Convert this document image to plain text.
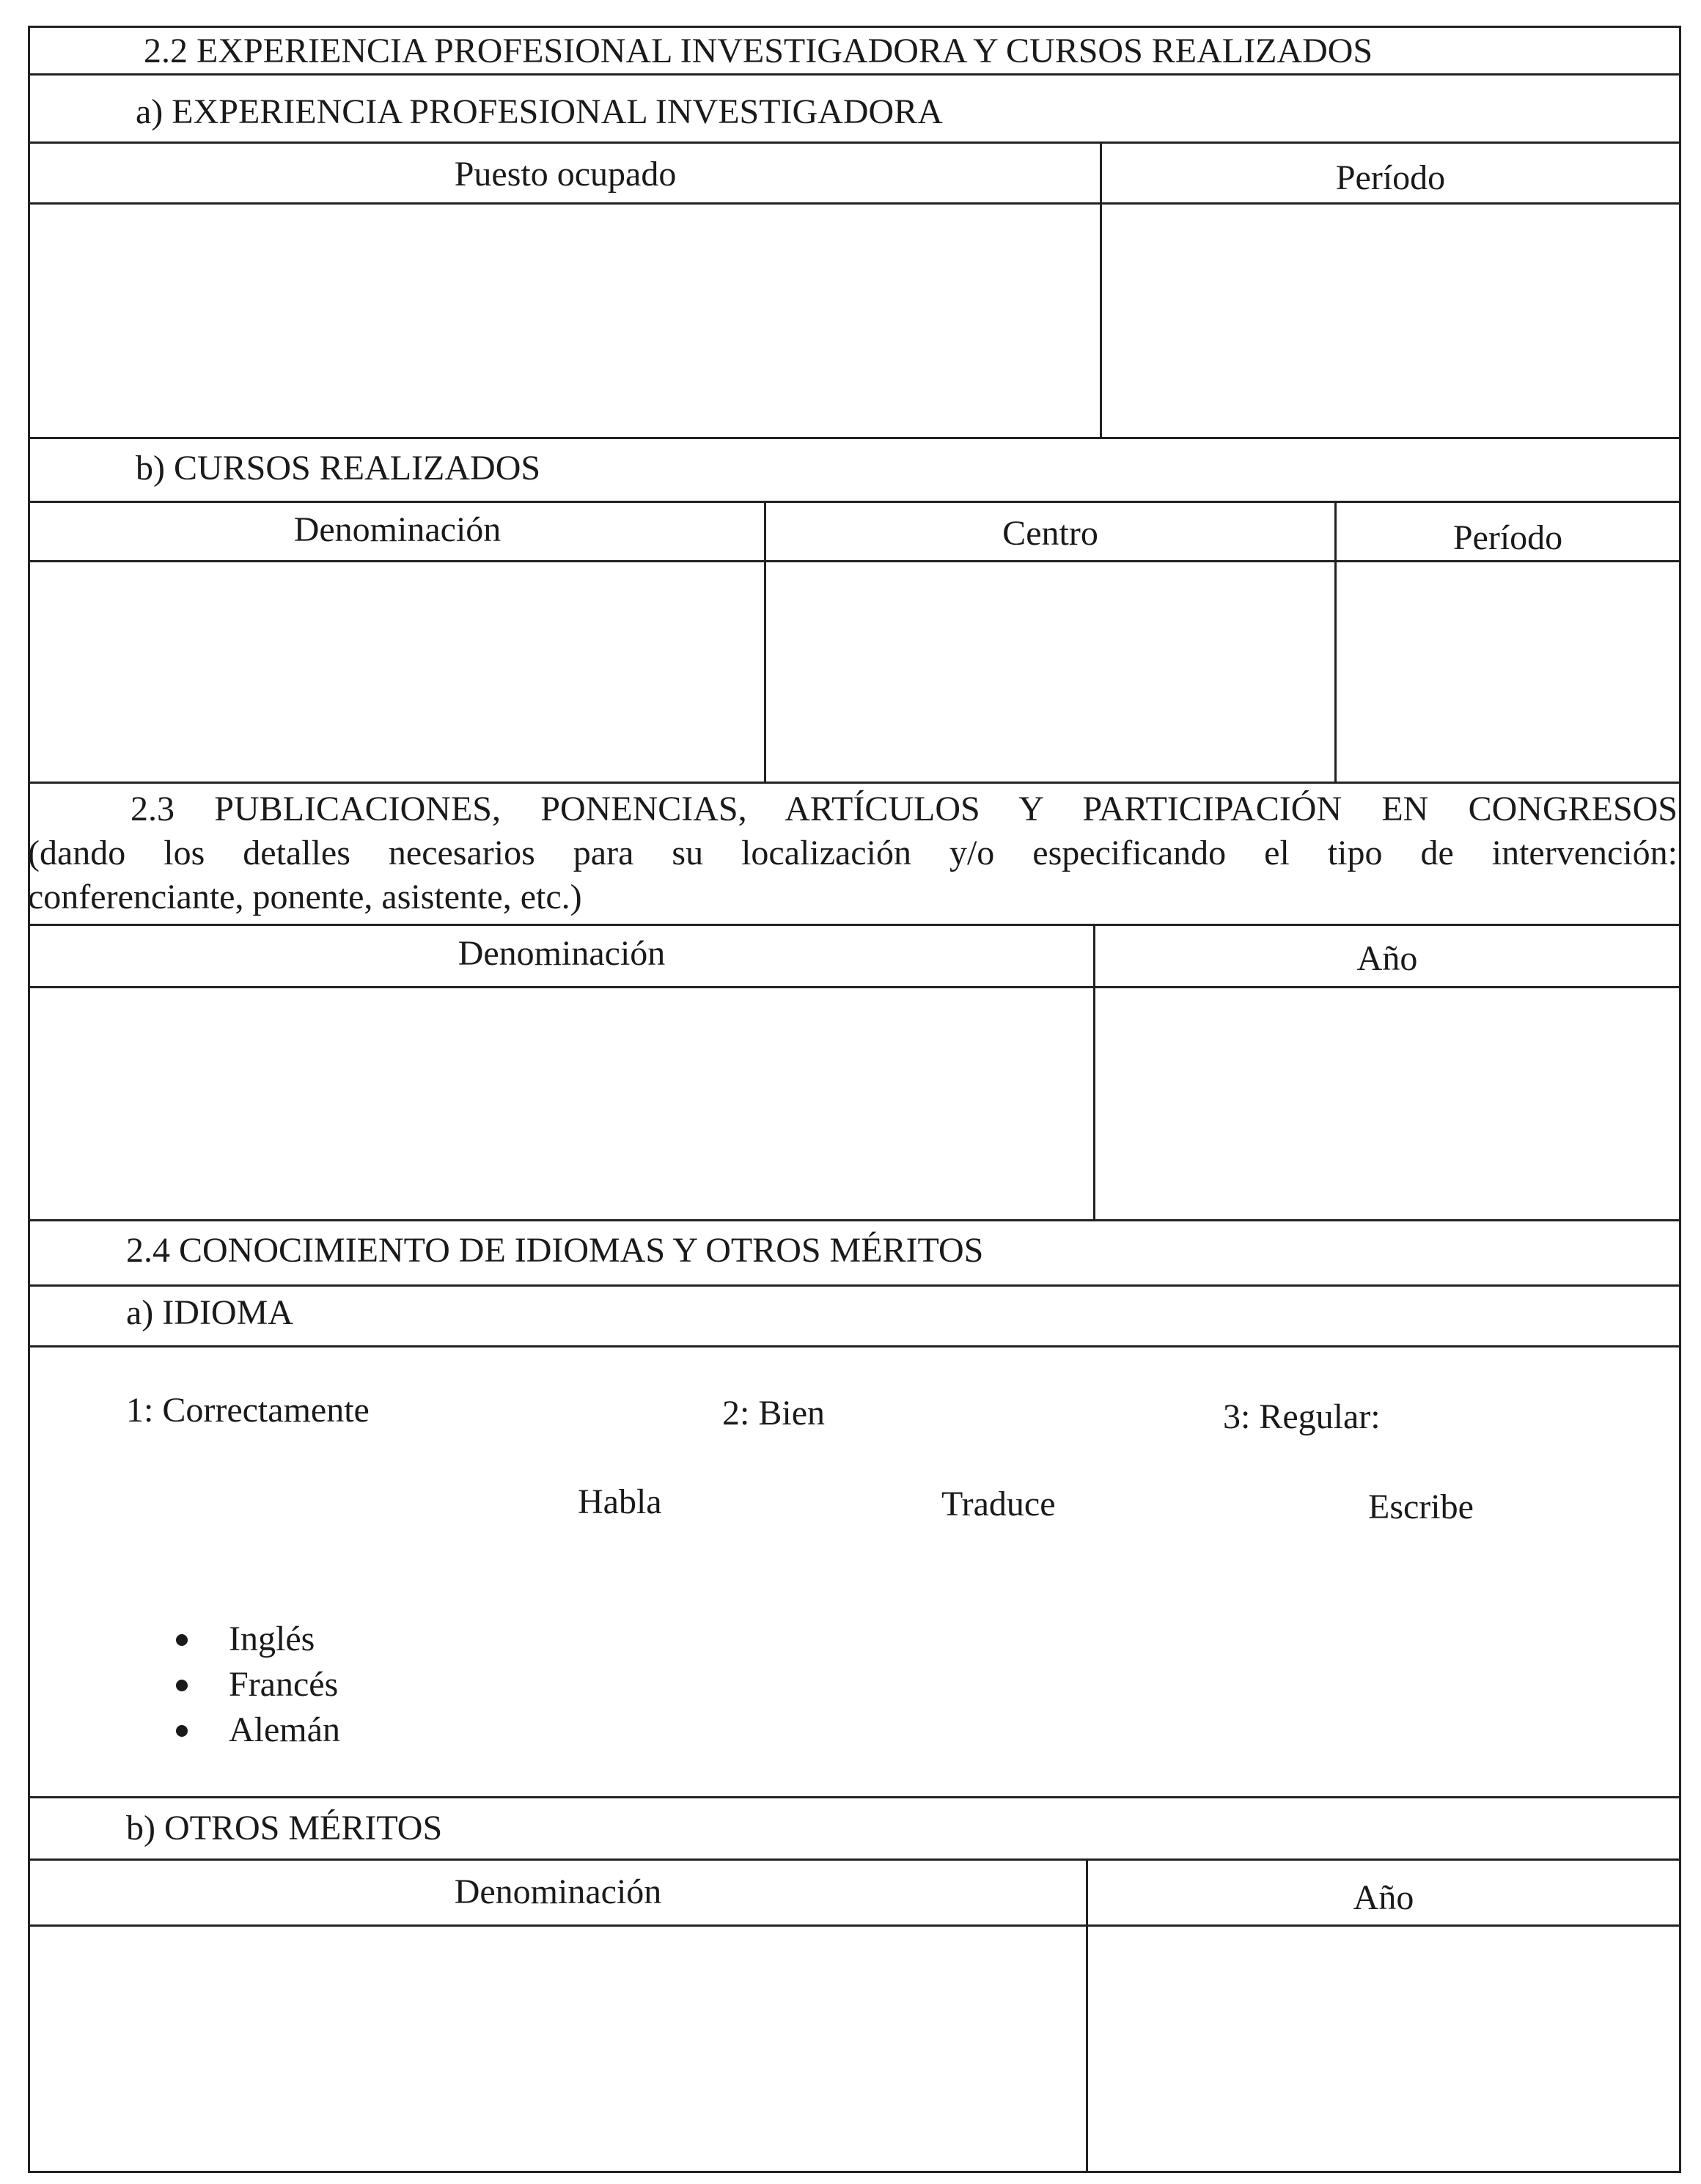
2.2 EXPERIENCIA PROFESIONAL INVESTIGADORA Y CURSOS REALIZADOS
a) EXPERIENCIA PROFESIONAL INVESTIGADORA
Puesto ocupado	Período
b) CURSOS REALIZADOS
Denominación	Centro	Período
2.3 PUBLICACIONES, PONENCIAS, ARTÍCULOS Y PARTICIPACIÓN EN CONGRESOS
(dando los detalles necesarios para su localización y/o especificando el tipo de intervención:
conferenciante, ponente, asistente, etc.)
Denominación	Año
2.4 CONOCIMIENTO DE IDIOMAS Y OTROS MÉRITOS
a) IDIOMA
1: Correctamente	2: Bien	3: Regular:
Habla	Traduce	Escribe
Inglés
Francés
Alemán
b) OTROS MÉRITOS
Denominación	Año
